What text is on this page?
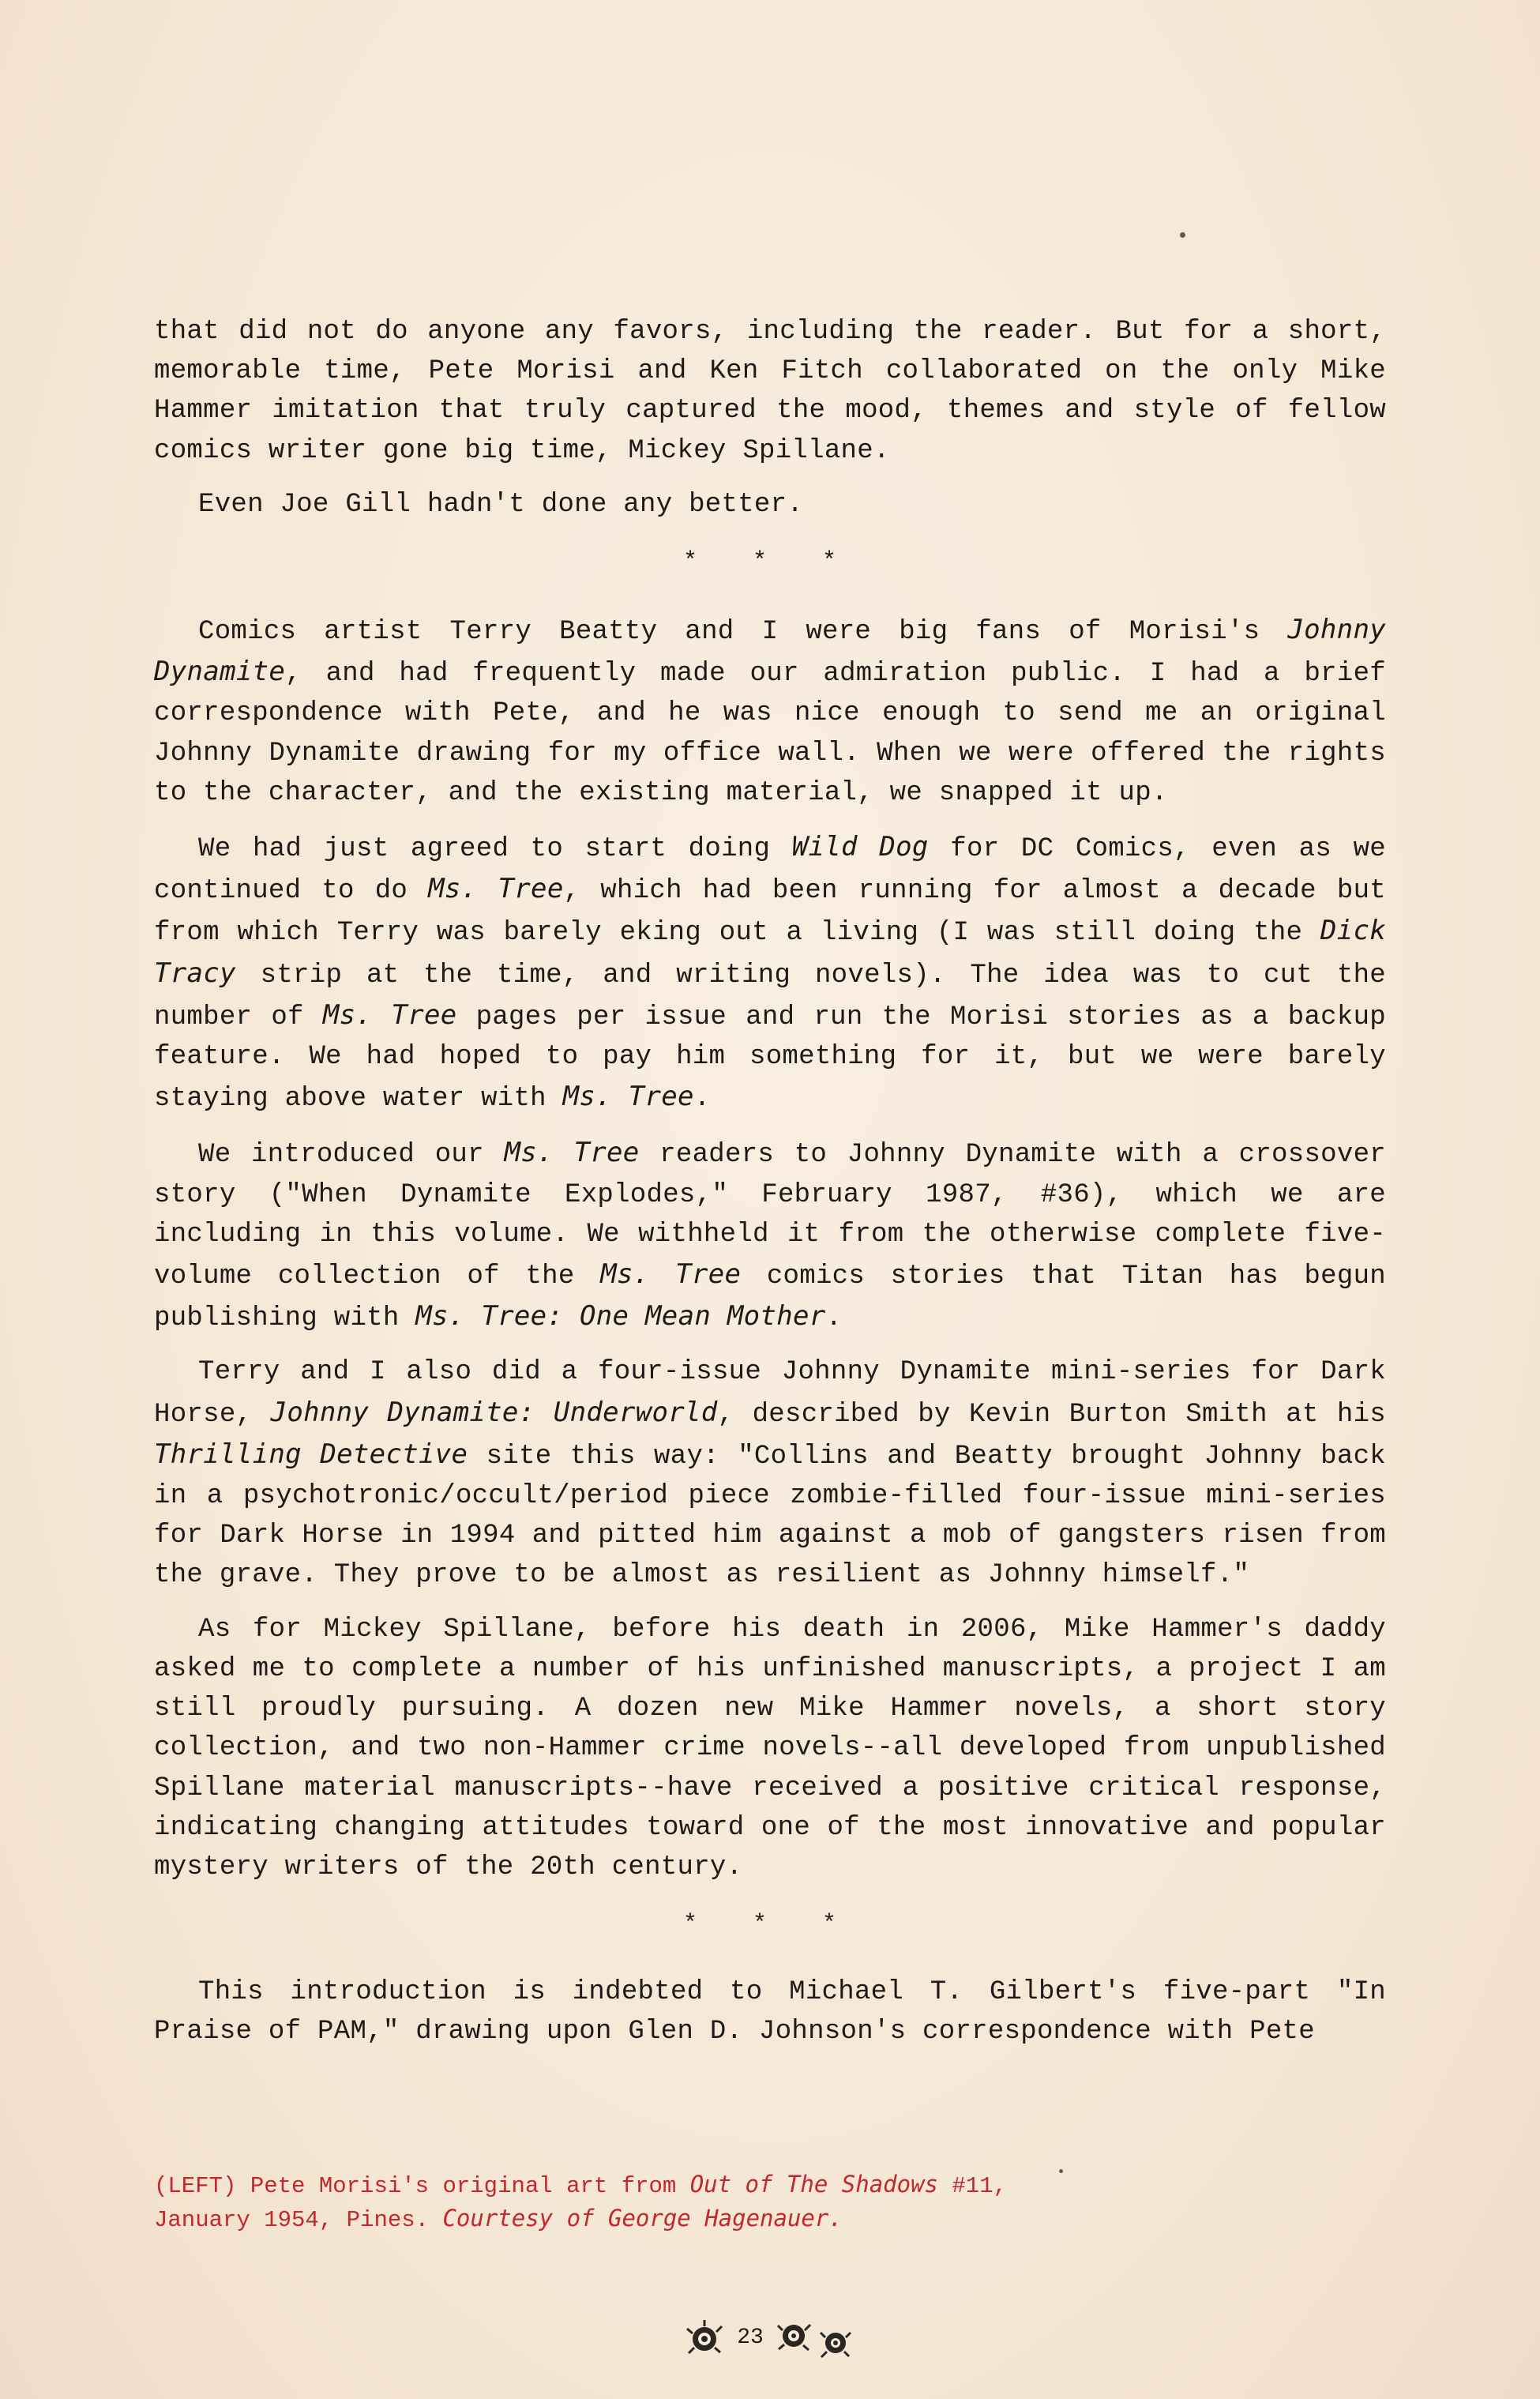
that did not do anyone any favors, including the reader. But for a short, memorable time, Pete Morisi and Ken Fitch collaborated on the only Mike Hammer imitation that truly captured the mood, themes and style of fellow comics writer gone big time, Mickey Spillane.

Even Joe Gill hadn't done any better.

* * *

Comics artist Terry Beatty and I were big fans of Morisi's Johnny Dynamite, and had frequently made our admiration public. I had a brief correspondence with Pete, and he was nice enough to send me an original Johnny Dynamite drawing for my office wall. When we were offered the rights to the character, and the existing material, we snapped it up.

We had just agreed to start doing Wild Dog for DC Comics, even as we continued to do Ms. Tree, which had been running for almost a decade but from which Terry was barely eking out a living (I was still doing the Dick Tracy strip at the time, and writing novels). The idea was to cut the number of Ms. Tree pages per issue and run the Morisi stories as a backup feature. We had hoped to pay him something for it, but we were barely staying above water with Ms. Tree.

We introduced our Ms. Tree readers to Johnny Dynamite with a crossover story ("When Dynamite Explodes," February 1987, #36), which we are including in this volume. We withheld it from the otherwise complete five-volume collection of the Ms. Tree comics stories that Titan has begun publishing with Ms. Tree: One Mean Mother.

Terry and I also did a four-issue Johnny Dynamite mini-series for Dark Horse, Johnny Dynamite: Underworld, described by Kevin Burton Smith at his Thrilling Detective site this way: "Collins and Beatty brought Johnny back in a psychotronic/occult/period piece zombie-filled four-issue mini-series for Dark Horse in 1994 and pitted him against a mob of gangsters risen from the grave. They prove to be almost as resilient as Johnny himself."

As for Mickey Spillane, before his death in 2006, Mike Hammer's daddy asked me to complete a number of his unfinished manuscripts, a project I am still proudly pursuing. A dozen new Mike Hammer novels, a short story collection, and two non-Hammer crime novels--all developed from unpublished Spillane material manuscripts--have received a positive critical response, indicating changing attitudes toward one of the most innovative and popular mystery writers of the 20th century.

* * *

This introduction is indebted to Michael T. Gilbert's five-part "In Praise of PAM," drawing upon Glen D. Johnson's correspondence with Pete

(LEFT) Pete Morisi's original art from Out of The Shadows #11, January 1954, Pines. Courtesy of George Hagenauer.
23
